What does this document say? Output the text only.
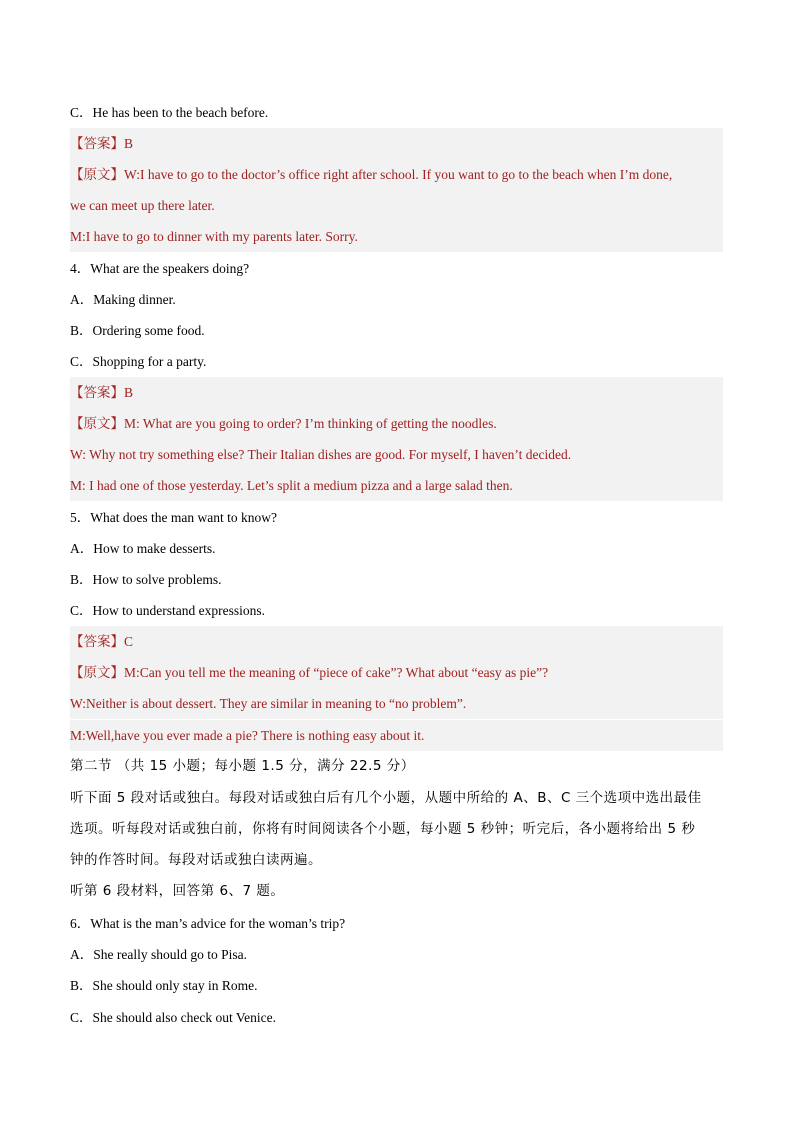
C．He has been to the beach before.
【答案】B
【原文】W:I have to go to the doctor’s office right after school. If you want to go to the beach when I’m done,
we can meet up there later.
M:I have to go to dinner with my parents later. Sorry.
4．What are the speakers doing?
A．Making dinner.
B．Ordering some food.
C．Shopping for a party.
【答案】B
【原文】M: What are you going to order? I’m thinking of getting the noodles.
W: Why not try something else? Their Italian dishes are good. For myself, I haven’t decided.
M: I had one of those yesterday. Let’s split a medium pizza and a large salad then.
5．What does the man want to know?
A．How to make desserts.
B．How to solve problems.
C．How to understand expressions.
【答案】C
【原文】M:Can you tell me the meaning of “piece of cake”? What about “easy as pie”?
W:Neither is about dessert. They are similar in meaning to “no problem”.
M:Well,have you ever made a pie? There is nothing easy about it.
第二节 （共 15 小题；每小题 1.5 分，满分 22.5 分）
听下面 5 段对话或独白。每段对话或独白后有几个小题，从题中所给的 A、B、C 三个选项中选出最佳
选项。听每段对话或独白前，你将有时间阅读各个小题，每小题 5 秒钟；听完后，各小题将给出 5 秒
钟的作答时间。每段对话或独白读两遍。
听第 6 段材料，回答第 6、7 题。
6．What is the man’s advice for the woman’s trip?
A．She really should go to Pisa.
B．She should only stay in Rome.
C．She should also check out Venice.
